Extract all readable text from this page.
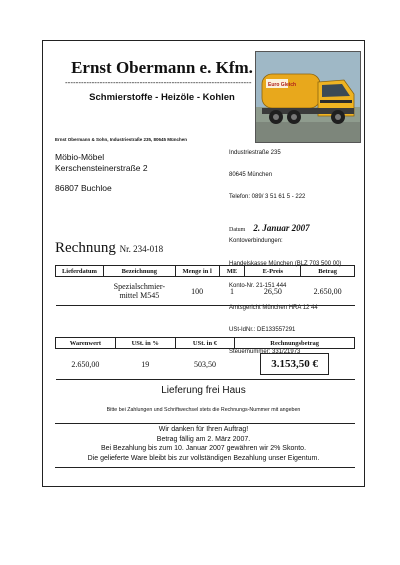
Ernst Obermann e. Kfm.
----------------------------------------------------------------------
Schmierstoffe - Heizöle - Kohlen
Euro Gleich
Ernst Obermann & Sohn, Industriestraße 235, 80645 München
Möbio-Möbel
Kerschensteinerstraße 2
86807 Buchloe

Industriestraße 235

80645 München

Telefon: 089/ 3 51 61 5 - 222

Kontoverbindungen:

Handelskasse München (BLZ 703 500 00)

Konto-Nr. 21-151 444

Amtsgericht München HRA 12 44

USt-IdNr.: DE133557291

Steuernummer: 331/21973

Datum 2. Januar 2007
Rechnung Nr. 234-018
Lieferdatum	Bezeichnung	Menge in l	ME	E-Preis	Betrag

	Spezialschmier-
mittel M545	100	1	26,50	2.650,00
Warenwert	USt. in %	USt. in €	Rechnungsbetrag
2.650,00	19	503,50	3.153,50 €
Lieferung frei Haus
Bitte bei Zahlungen und Schriftwechsel stets die Rechnungs-Nummer mit angeben
Wir danken für Ihren Auftrag!
Betrag fällig am 2. März 2007.
Bei Bezahlung bis zum 10. Januar 2007 gewähren wir 2% Skonto.
Die gelieferte Ware bleibt bis zur vollständigen Bezahlung unser Eigentum.
